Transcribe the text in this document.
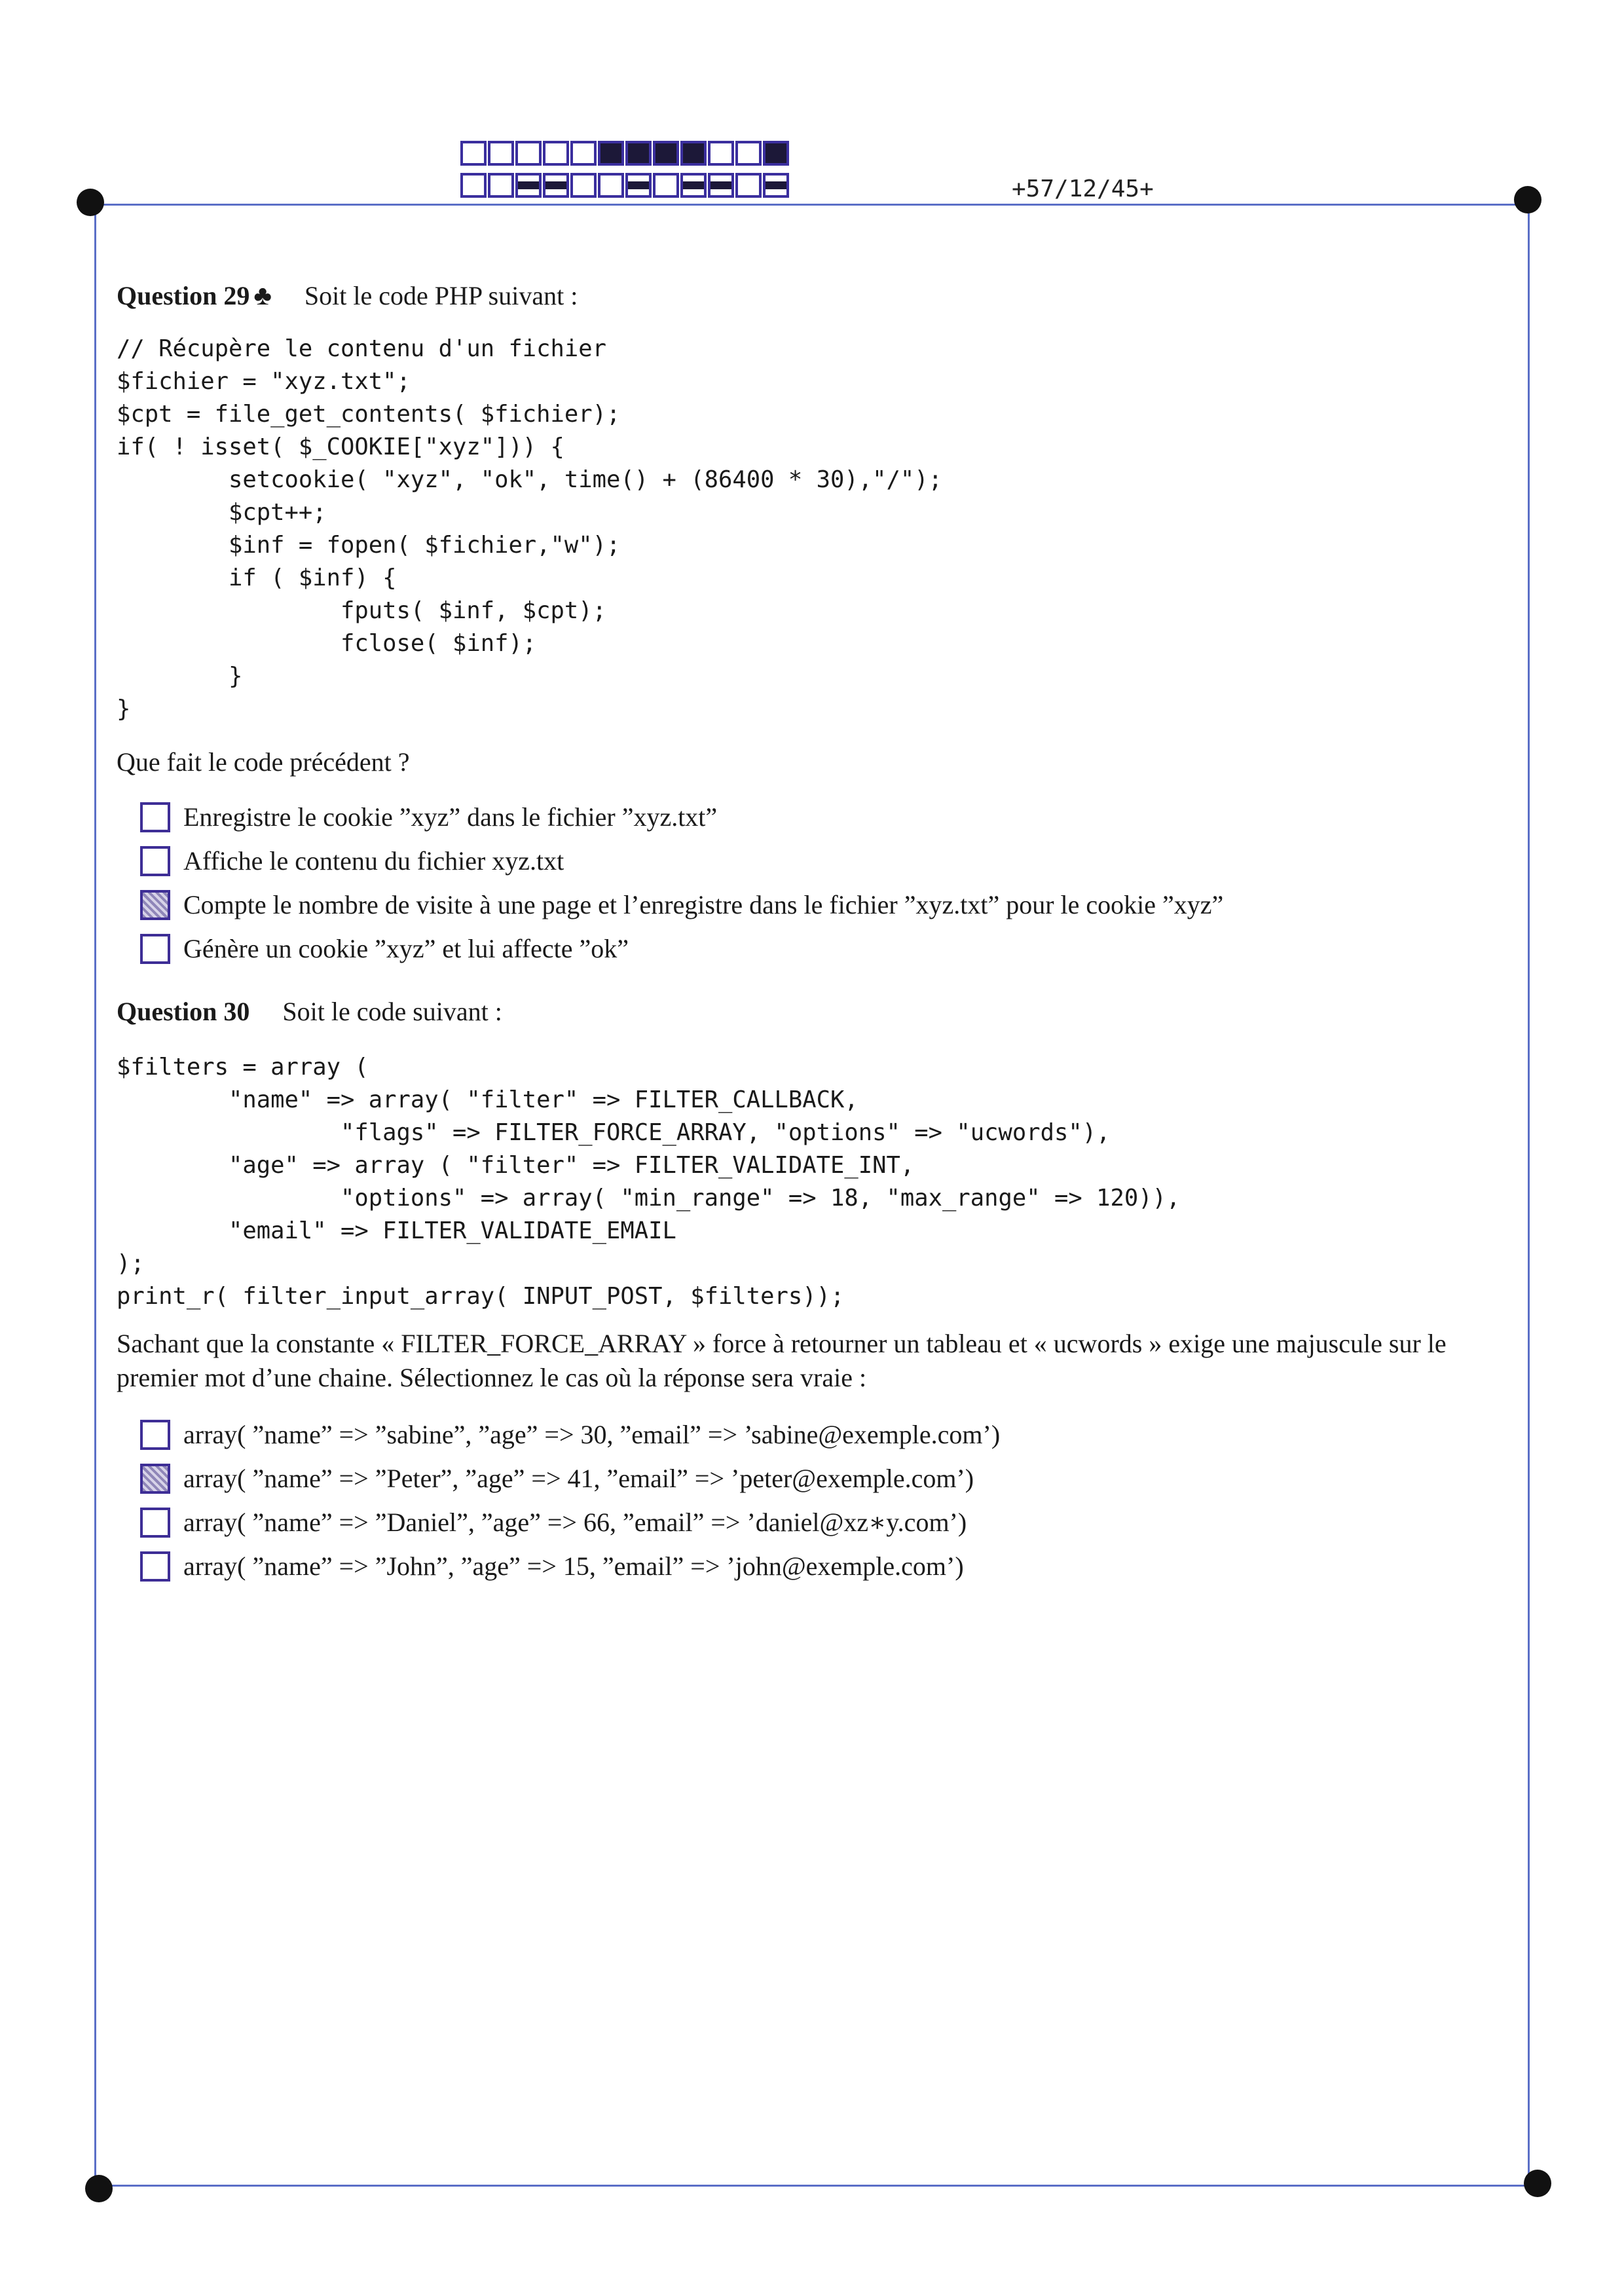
+57/12/45+
Question 29 ♣ Soit le code PHP suivant :
// Récupère le contenu d'un fichier
$fichier = "xyz.txt";
$cpt = file_get_contents( $fichier);
if( ! isset( $_COOKIE["xyz"])) {
setcookie( "xyz", "ok", time() + (86400 * 30),"/");
$cpt++;
$inf = fopen( $fichier,"w");
if ( $inf) {
fputs( $inf, $cpt);
fclose( $inf);
}
}

Que fait le code précédent ?

Enregistre le cookie ”xyz” dans le fichier ”xyz.txt”
Affiche le contenu du fichier xyz.txt
Compte le nombre de visite à une page et l’enregistre dans le fichier ”xyz.txt” pour le cookie ”xyz”
Génère un cookie ”xyz” et lui affecte ”ok”
Question 30 Soit le code suivant :
$filters = array (
"name" => array( "filter" => FILTER_CALLBACK,
"flags" => FILTER_FORCE_ARRAY, "options" => "ucwords"),
"age" => array ( "filter" => FILTER_VALIDATE_INT,
"options" => array( "min_range" => 18, "max_range" => 120)),
"email" => FILTER_VALIDATE_EMAIL
);
print_r( filter_input_array( INPUT_POST, $filters));

Sachant que la constante « FILTER_FORCE_ARRAY » force à retourner un tableau et « ucwords » exige une majuscule sur le premier mot d’une chaine. Sélectionnez le cas où la réponse sera vraie :

array( ”name” => ”sabine”, ”age” => 30, ”email” => ’sabine@exemple.com’)
array( ”name” => ”Peter”, ”age” => 41, ”email” => ’peter@exemple.com’)
array( ”name” => ”Daniel”, ”age” => 66, ”email” => ’daniel@xz∗y.com’)
array( ”name” => ”John”, ”age” => 15, ”email” => ’john@exemple.com’)
